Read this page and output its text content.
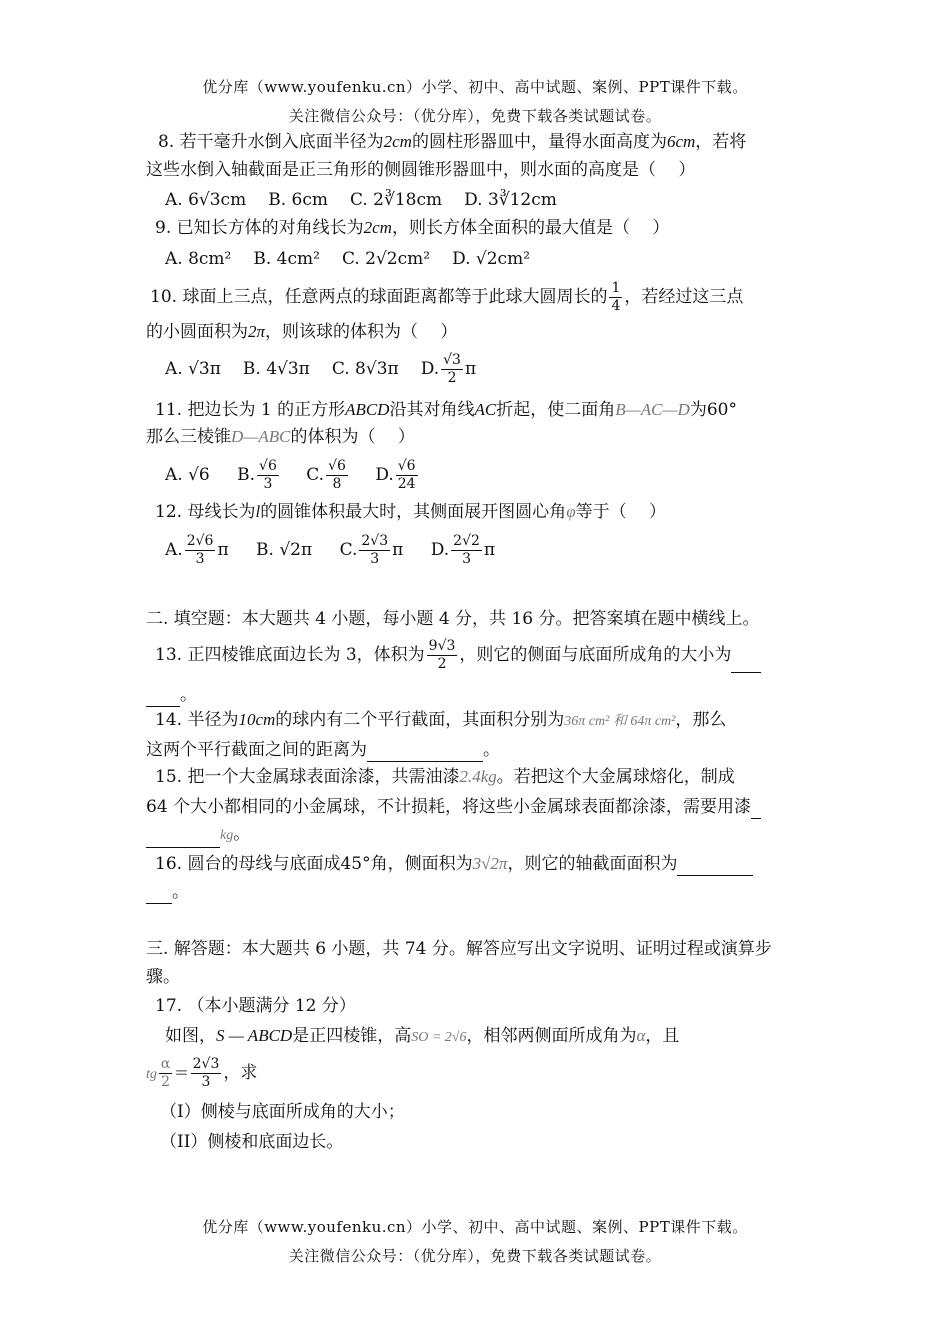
优分库（www.youfenku.cn）小学、初中、高中试题、案例、PPT课件下载。
关注微信公众号：（优分库），免费下载各类试题试卷。
8. 若干毫升水倒入底面半径为2cm的圆柱形器皿中，量得水面高度为6cm，若将
这些水倒入轴截面是正三角形的侧圆锥形器皿中，则水面的高度是（　 ）
A. 6√3cm B. 6cm C. 2∛18cm D. 3∛12cm
9. 已知长方体的对角线长为2cm，则长方体全面积的最大值是（　 ）
A. 8cm² B. 4cm² C. 2√2cm² D. √2cm²
10. 球面上三点，任意两点的球面距离都等于此球大圆周长的 $\frac{1}{4}$ ，若经过这三点
的小圆面积为2π，则该球的体积为（　 ）
A. √3π B. 4√3π C. 8√3π D. $\frac{√3}{2}$ π
11. 把边长为 1 的正方形ABCD沿其对角线AC折起，使二面角B—AC—D为60°
那么三棱锥D—ABC的体积为（　 ）
A. √6 B. $\frac{√6}{3} C$. $\frac{√6}{8} D$. $\frac{√6}{24}$
12. 母线长为l的圆锥体积最大时，其侧面展开图圆心角φ等于（　 ）
A. $\frac{2√6}{3}$ π B. √2π C. $\frac{2√3}{3}$ π D. $\frac{2√2}{3}$ π
二. 填空题：本大题共 4 小题，每小题 4 分，共 16 分。把答案填在题中横线上。
13. 正四棱锥底面边长为 3，体积为 $\frac{9√3}{2}$ ，则它的侧面与底面所成角的大小为
。
14. 半径为10cm的球内有二个平行截面，其面积分别为36π cm² 和 64π cm²，那么
这两个平行截面之间的距离为	。
15. 把一个大金属球表面涂漆，共需油漆2.4kg。若把这个大金属球熔化，制成
64 个大小都相同的小金属球，不计损耗，将这些小金属球表面都涂漆，需要用漆
kg。
16. 圆台的母线与底面成45°角，侧面积为3√2π，则它的轴截面面积为
。
三. 解答题：本大题共 6 小题，共 74 分。解答应写出文字说明、证明过程或演算步
骤。
17. （本小题满分 12 分）
如图，S — ABCD是正四棱锥，高SO = 2√6，相邻两侧面所成角为α，且
tg $\frac{\alpha}{2} = \frac{2√3}{3}$ ，求
（I）侧棱与底面所成角的大小；
（II）侧棱和底面边长。
优分库（www.youfenku.cn）小学、初中、高中试题、案例、PPT课件下载。
关注微信公众号：（优分库），免费下载各类试题试卷。
